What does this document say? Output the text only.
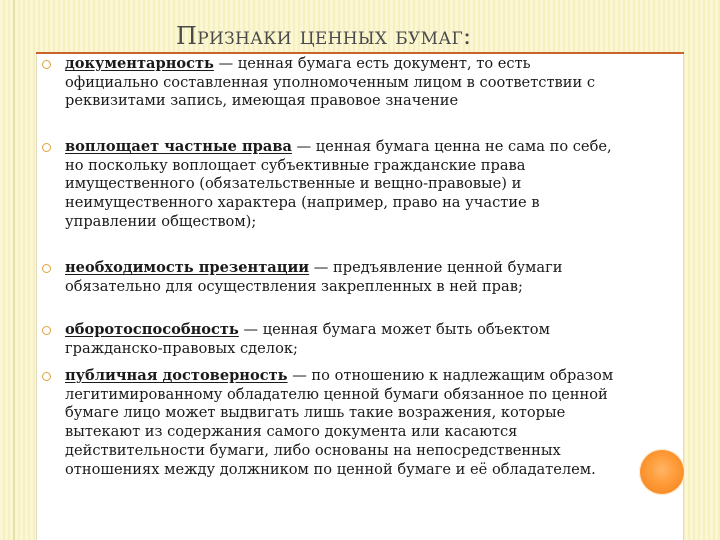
Признаки ценных бумаг:
документарность — ценная бумага есть документ, то есть официально составленная уполномоченным лицом в соответствии с реквизитами запись, имеющая правовое значение
воплощает частные права — ценная бумага ценна не сама по себе, но поскольку воплощает субъективные гражданские права имущественного (обязательственные и вещно-правовые) и неимущественного характера (например, право на участие в управлении обществом);
необходимость презентации — предъявление ценной бумаги обязательно для осуществления закрепленных в ней прав;
оборотоспособность — ценная бумага может быть объектом гражданско-правовых сделок;
публичная достоверность — по отношению к надлежащим образом легитимированному обладателю ценной бумаги обязанное по ценной бумаге лицо может выдвигать лишь такие возражения, которые вытекают из содержания самого документа или касаются действительности бумаги, либо основаны на непосредственных отношениях между должником по ценной бумаге и её обладателем.
